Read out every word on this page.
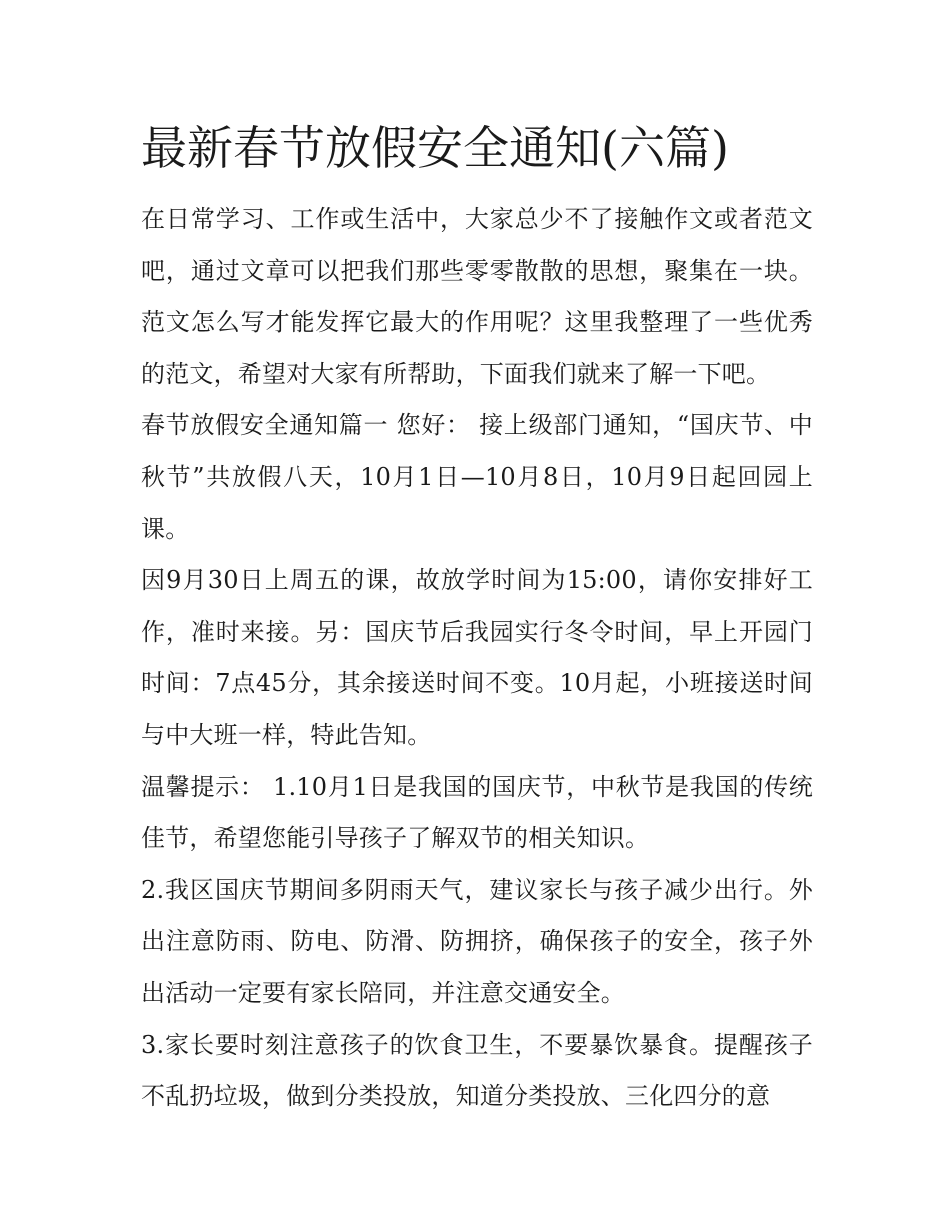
最新春节放假安全通知(六篇)

在日常学习、工作或生活中，大家总少不了接触作文或者范文吧，通过文章可以把我们那些零零散散的思想，聚集在一块。范文怎么写才能发挥它最大的作用呢？这里我整理了一些优秀的范文，希望对大家有所帮助，下面我们就来了解一下吧。

春节放假安全通知篇一 您好： 接上级部门通知，“国庆节、中秋节”共放假八天，10月1日—10月8日，10月9日起回园上课。

因9月30日上周五的课，故放学时间为15:00，请你安排好工作，准时来接。另：国庆节后我园实行冬令时间，早上开园门时间：7点45分，其余接送时间不变。10月起，小班接送时间与中大班一样，特此告知。

温馨提示： 1.10月1日是我国的国庆节，中秋节是我国的传统佳节，希望您能引导孩子了解双节的相关知识。

2.我区国庆节期间多阴雨天气，建议家长与孩子减少出行。外出注意防雨、防电、防滑、防拥挤，确保孩子的安全，孩子外出活动一定要有家长陪同，并注意交通安全。

3.家长要时刻注意孩子的饮食卫生，不要暴饮暴食。提醒孩子不乱扔垃圾，做到分类投放，知道分类投放、三化四分的意
